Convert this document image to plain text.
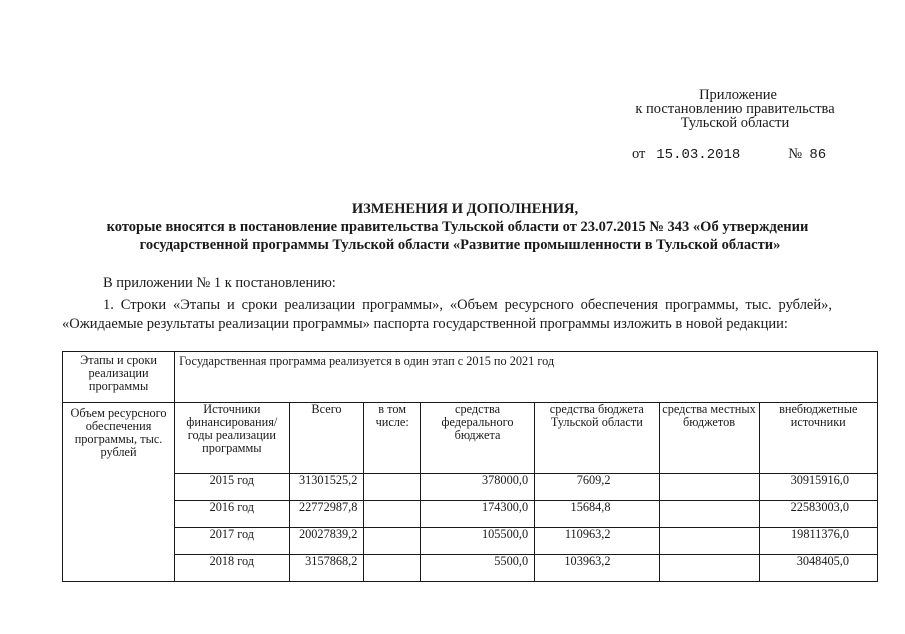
Приложение
к постановлению правительства
Тульской области
от 15.03.2018	№ 86
ИЗМЕНЕНИЯ И ДОПОЛНЕНИЯ,
которые вносятся в постановление правительства Тульской области от 23.07.2015 № 343 «Об утверждении
государственной программы Тульской области «Развитие промышленности в Тульской области»
В приложении № 1 к постановлению:
1. Строки «Этапы и сроки реализации программы», «Объем ресурсного обеспечения программы, тыс. рублей», «Ожидаемые результаты реализации программы» паспорта государственной программы изложить в новой редакции:
Этапы и сроки реализации программы	Государственная программа реализуется в один этап с 2015 по 2021 год						
Объем ресурсного обеспечения программы, тыс. рублей	Источники финансирования/ годы реализации программы	Всего	в том числе:	средства федерального бюджета	средства бюджета Тульской области	средства местных бюджетов	внебюджетные источники
	2015 год	31301525,2		378000,0	7609,2		30915916,0
	2016 год	22772987,8		174300,0	15684,8		22583003,0
	2017 год	20027839,2		105500,0	110963,2		19811376,0
	2018 год	3157868,2		5500,0	103963,2		3048405,0
